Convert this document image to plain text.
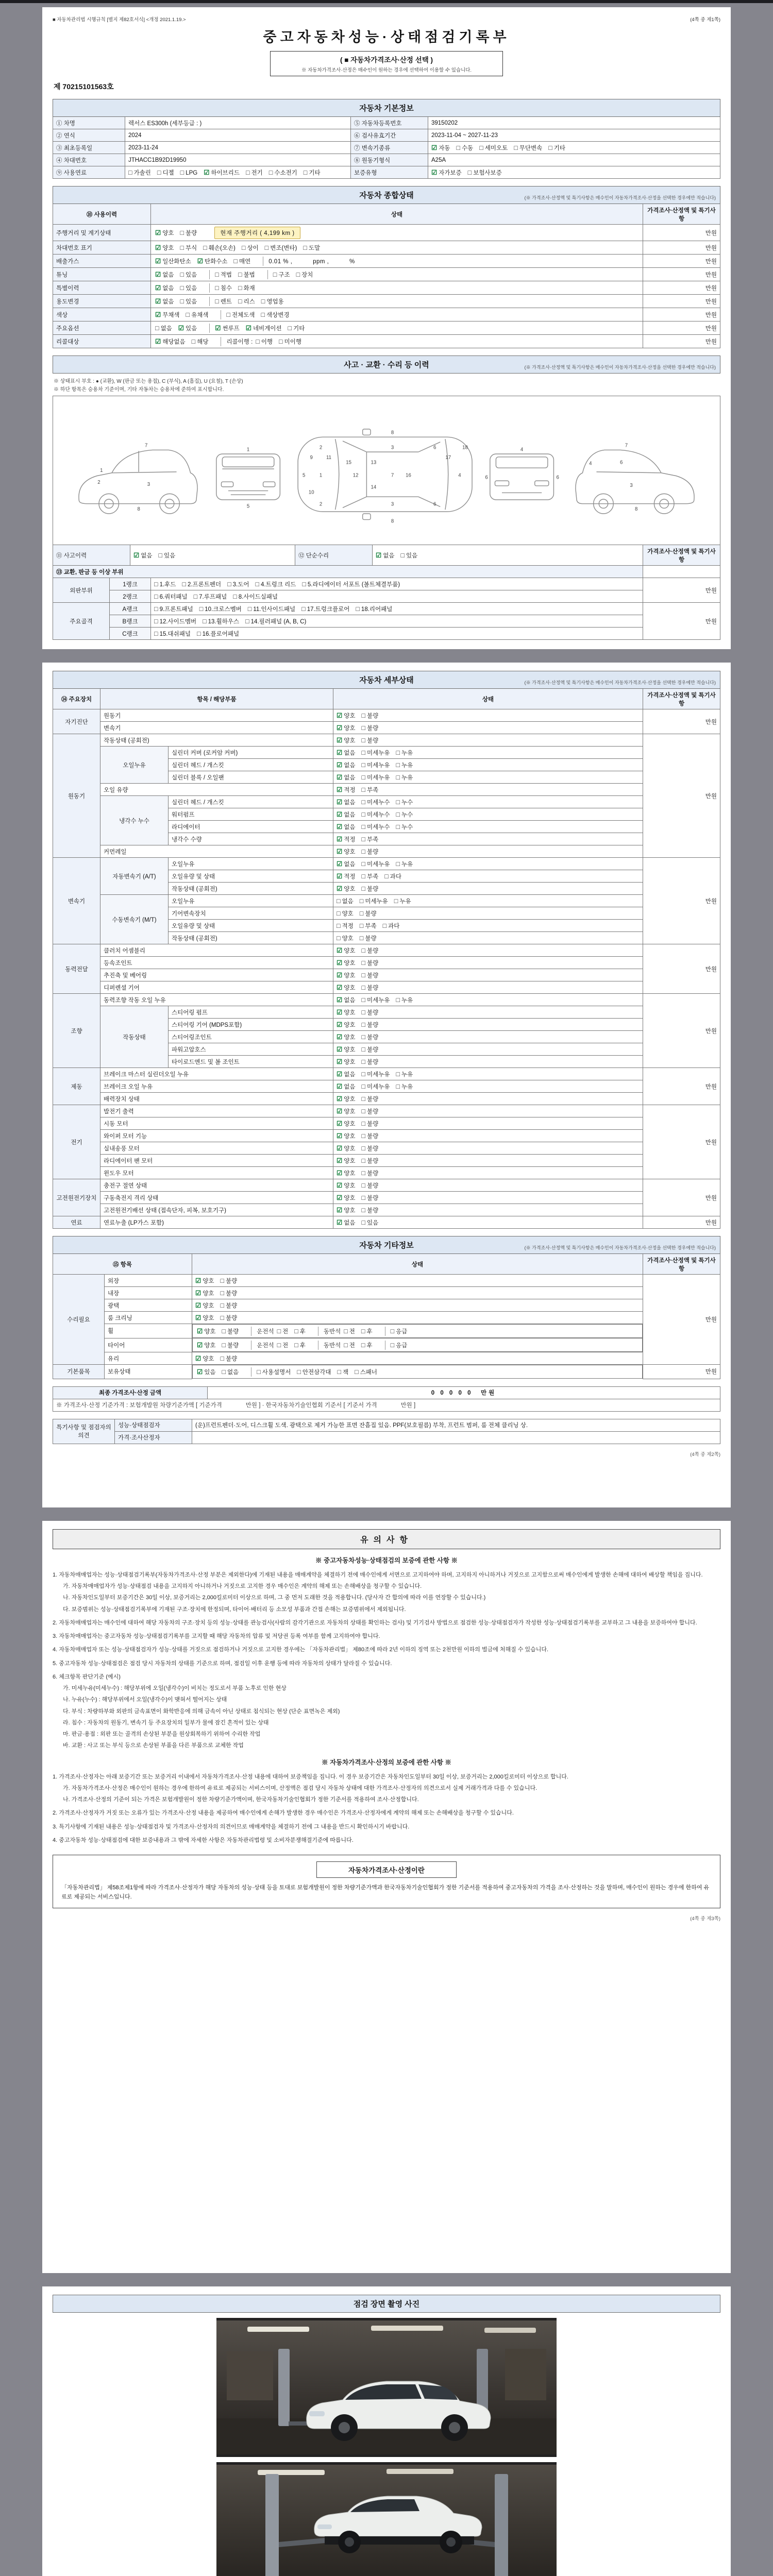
■ 자동차관리법 시행규칙 [별지 제82호서식] <개정 2021.1.19.>	(4쪽 중 제1쪽)
중고자동차성능·상태점검기록부
( ■ 자동차가격조사·산정 선택 )
※ 자동차가격조사·산정은 매수인이 원하는 경우에 선택하여 이용할 수 있습니다.
제 70215101563호
자동차 기본정보
① 차명	렉서스 ES300h (세부등급 : )	⑤ 자동차등록번호	39150202
② 연식	2024	⑥ 검사유효기간	2023-11-04 ~ 2027-11-23
③ 최초등록일	2023-11-24	⑦ 변속기종류	☑ 자동 □ 수동 □ 세미오토 □ 무단변속 □ 기타
④ 차대번호	JTHACC1B92D19950	⑧ 원동기형식	A25A
⑨ 사용연료	□ 가솔린 □ 디젤 □ LPG ☑ 하이브리드 □ 전기 □ 수소전기 □ 기타	보증유형	☑ 자가보증 □ 보험사보증
자동차 종합상태	(※ 가격조사·산정액 및 특기사항은 매수인이 자동차가격조사·산정을 선택한 경우에만 적습니다)
⑩ 사용이력	상태	가격조사·산정액 및 특기사항
주행거리 및 계기상태	☑ 양호 □ 불량 현재 주행거리 ( 4,199 km )	만원
차대번호 표기	☑ 양호 □ 부식 □ 훼손(오손) □ 상이 □ 변조(변타) □ 도말	만원
배출가스	☑ 일산화탄소 ☑ 탄화수소 □ 매연 0.01 % ,　　　 ppm ,　　　 %	만원
튜닝	☑ 없음 □ 있음 □ 적법 □ 불법 □ 구조 □ 장치	만원
특별이력	☑ 없음 □ 있음 □ 침수 □ 화재	만원
용도변경	☑ 없음 □ 있음 □ 렌트 □ 리스 □ 영업용	만원
색상	☑ 무채색 □ 유채색 □ 전체도색 □ 색상변경	만원
주요옵션	□ 없음 ☑ 있음 ☑ 썬루프 ☑ 네비게이션 □ 기타	만원
리콜대상	☑ 해당없음 □ 해당 리콜이행 : □ 이행 □ 미이행	만원
사고 · 교환 · 수리 등 이력	(※ 가격조사·산정액 및 특기사항은 매수인이 자동차가격조사·산정을 선택한 경우에만 적습니다)
※ 상태표시 부호 : ● (교환), W (판금 또는 용접), C (부식), A (흠집), U (요철), T (손상)
※ 하단 항목은 승용차 기준이며, 기타 자동차는 승용차에 준하여 표시합니다.
1
2	3
7
8
1
5
5	1
2
2
3
3
7
6
6
4
8
8
9
10
11
12
13
14
15
16
17
18	4
6	6
7
6
3
4
8
⑪ 사고이력	☑ 없음 □ 있음	⑫ 단순수리	☑ 없음 □ 있음
	가격조사·산정액 및 특기사항
⑬ 교환, 판금 등 이상 부위			
외판부위	1랭크	□ 1.후드 □ 2.프론트펜더 □ 3.도어 □ 4.트렁크 리드 □ 5.라디에이터 서포트 (볼트체결부품)	만원
	2랭크	□ 6.쿼터패널 □ 7.루프패널 □ 8.사이드실패널	

주요골격	A랭크	□ 9.프론트패널 □ 10.크로스멤버 □ 11.인사이드패널 □ 17.트렁크플로어 □ 18.리어패널	만원
	B랭크	□ 12.사이드멤버 □ 13.휠하우스 □ 14.필러패널 (A, B, C)	

	C랭크	□ 15.대쉬패널 □ 16.플로어패널	
자동차 세부상태	(※ 가격조사·산정액 및 특기사항은 매수인이 자동차가격조사·산정을 선택한 경우에만 적습니다)
⑭ 주요장치	항목 / 해당부품		상태	가격조사·산정액 및 특기사항
자기진단	원동기		☑ 양호 □ 불량	만원
	변속기		☑ 양호 □ 불량	
원동기	작동상태 (공회전)		☑ 양호 □ 불량	만원
	오일누유	실린더 커버 (로커암 커버)	☑ 없음 □ 미세누유 □ 누유	
		실린더 헤드 / 개스킷	☑ 없음 □ 미세누유 □ 누유	
		실린더 블록 / 오일팬	☑ 없음 □ 미세누유 □ 누유	
	오일 유량		☑ 적정 □ 부족	
	냉각수 누수	실린더 헤드 / 개스킷	☑ 없음 □ 미세누수 □ 누수	
		워터펌프	☑ 없음 □ 미세누수 □ 누수	
		라디에이터	☑ 없음 □ 미세누수 □ 누수	
		냉각수 수량	☑ 적정 □ 부족	
	커먼레일		☑ 양호 □ 불량	
변속기	자동변속기 (A/T)	오일누유	☑ 없음 □ 미세누유 □ 누유	만원
		오일유량 및 상태	☑ 적정 □ 부족 □ 과다	
		작동상태 (공회전)	☑ 양호 □ 불량	
	수동변속기 (M/T)	오일누유	□ 없음 □ 미세누유 □ 누유	
		기어변속장치	□ 양호 □ 불량	
		오일유량 및 상태	□ 적정 □ 부족 □ 과다	
		작동상태 (공회전)	□ 양호 □ 불량	
동력전달	클러치 어셈블리		☑ 양호 □ 불량	만원
	등속조인트		☑ 양호 □ 불량	
	추진축 및 베어링		☑ 양호 □ 불량	
	디퍼렌셜 기어		☑ 양호 □ 불량	
조향	동력조향 작동 오일 누유		☑ 없음 □ 미세누유 □ 누유	만원
	작동상태	스티어링 펌프	☑ 양호 □ 불량	
		스티어링 기어 (MDPS포함)	☑ 양호 □ 불량	
		스티어링조인트	☑ 양호 □ 불량	
		파워고압호스	☑ 양호 □ 불량	
		타이로드엔드 및 볼 조인트	☑ 양호 □ 불량	
제동	브레이크 마스터 실린더오일 누유		☑ 없음 □ 미세누유 □ 누유	만원
	브레이크 오일 누유		☑ 없음 □ 미세누유 □ 누유	
	배력장치 상태		☑ 양호 □ 불량	
전기	발전기 출력		☑ 양호 □ 불량	만원
	시동 모터		☑ 양호 □ 불량	
	와이퍼 모터 기능		☑ 양호 □ 불량	
	실내송풍 모터		☑ 양호 □ 불량	
	라디에이터 팬 모터		☑ 양호 □ 불량	
	윈도우 모터		☑ 양호 □ 불량	
고전원전기장치	충전구 절연 상태		☑ 양호 □ 불량	만원
	구동축전지 격리 상태		☑ 양호 □ 불량	
	고전원전기배선 상태 (접속단자, 피복, 보호기구)		☑ 양호 □ 불량	
연료	연료누출 (LP가스 포함)		☑ 없음 □ 있음	만원
자동차 기타정보	(※ 가격조사·산정액 및 특기사항은 매수인이 자동차가격조사·산정을 선택한 경우에만 적습니다)
⑮ 항목		상태	가격조사·산정액 및 특기사항
수리필요	외장	☑ 양호 □ 불량	만원
	내장	☑ 양호 □ 불량	
	광택	☑ 양호 □ 불량	
	룸 크리닝	☑ 양호 □ 불량	
	휠		☑ 양호 □ 불량	운전석 □ 전 □ 후	동반석 □ 전 □ 후	□ 응급

	타이어		☑ 양호 □ 불량	운전석 □ 전 □ 후	동반석 □ 전 □ 후	□ 응급

	유리	☑ 양호 □ 불량	
기본품목	보유상태		☑ 있음 □ 없음	□ 사용설명서 □ 안전삼각대 □ 잭 □ 스패너	만원
최종 가격조사·산정 금액	0 0 0 0 0　 만원
※ 가격조사·산정 기준가격 : 보험개발원 차량기준가액 [ 기준가격　　　　만원 ] · 한국자동차기술인협회 기준서 [ 기준서 가격　　　　만원 ]
특기사항 및 점검자의 의견	성능·상태점검자	(운)프런트펜더·도어, 디스크휠 도색. 광택으로 제거 가능한 표면 잔흠집 있음. PPF(보호필름) 부착, 프런트 범퍼, 룸 전체 클리닝 상.
	가격·조사산정자	
(4쪽 중 제2쪽)
유의사항
※ 중고자동차성능·상태점검의 보증에 관한 사항 ※
1. 자동차매매업자는 성능·상태점검기록부(자동차가격조사·산정 부분은 제외한다)에 기재된 내용을 매매계약을 체결하기 전에 매수인에게 서면으로 고지하여야 하며, 고지하지 아니하거나 거짓으로 고지함으로써 매수인에게 발생한 손해에 대하여 배상할 책임을 집니다.
가. 자동차매매업자가 성능·상태점검 내용을 고지하지 아니하거나 거짓으로 고지한 경우 매수인은 계약의 해제 또는 손해배상을 청구할 수 있습니다.
나. 자동차인도일부터 보증기간은 30일 이상, 보증거리는 2,000킬로미터 이상으로 하며, 그 중 먼저 도래한 것을 적용합니다. (당사자 간 합의에 따라 이를 연장할 수 있습니다.)
다. 보증범위는 성능·상태점검기록부에 기재된 구조·장치에 한정되며, 타이어·배터리 등 소모성 부품과 간접 손해는 보증범위에서 제외됩니다.
2. 자동차매매업자는 매수인에 대하여 해당 자동차의 구조·장치 등의 성능·상태를 관능검사(사람의 감각기관으로 자동차의 상태를 확인하는 검사) 및 기기검사 방법으로 점검한 성능·상태점검자가 작성한 성능·상태점검기록부를 교부하고 그 내용을 보증하여야 합니다.
3. 자동차매매업자는 중고자동차 성능·상태점검기록부를 고지할 때 해당 자동차의 압류 및 저당권 등록 여부를 함께 고지하여야 합니다.
4. 자동차매매업자 또는 성능·상태점검자가 성능·상태를 거짓으로 점검하거나 거짓으로 고지한 경우에는 「자동차관리법」 제80조에 따라 2년 이하의 징역 또는 2천만원 이하의 벌금에 처해질 수 있습니다.
5. 중고자동차 성능·상태점검은 점검 당시 자동차의 상태를 기준으로 하며, 점검일 이후 운행 등에 따라 자동차의 상태가 달라질 수 있습니다.
6. 체크항목 판단기준 (예시)
가. 미세누유(미세누수) : 해당부위에 오일(냉각수)이 비치는 정도로서 부품 노후로 인한 현상
나. 누유(누수) : 해당부위에서 오일(냉각수)이 맺혀서 떨어지는 상태
다. 부식 : 차량하부와 외판의 금속표면이 화학반응에 의해 금속이 아닌 상태로 침식되는 현상 (단순 표면녹은 제외)
라. 침수 : 자동차의 원동기, 변속기 등 주요장치의 일부가 물에 잠긴 흔적이 있는 상태
마. 판금·용접 : 외판 또는 골격의 손상된 부분을 원상회복하기 위하여 수리한 작업
바. 교환 : 사고 또는 부식 등으로 손상된 부품을 다른 부품으로 교체한 작업
※ 자동차가격조사·산정의 보증에 관한 사항 ※
1. 가격조사·산정자는 아래 보증기간 또는 보증거리 이내에서 자동차가격조사·산정 내용에 대하여 보증책임을 집니다. 이 경우 보증기간은 자동차인도일부터 30일 이상, 보증거리는 2,000킬로미터 이상으로 합니다.
가. 자동차가격조사·산정은 매수인이 원하는 경우에 한하여 유료로 제공되는 서비스이며, 산정액은 점검 당시 자동차 상태에 대한 가격조사·산정자의 의견으로서 실제 거래가격과 다를 수 있습니다.
나. 가격조사·산정의 기준이 되는 가격은 보험개발원이 정한 차량기준가액이며, 한국자동차기술인협회가 정한 기준서를 적용하여 조사·산정합니다.
2. 가격조사·산정자가 거짓 또는 오류가 있는 가격조사·산정 내용을 제공하여 매수인에게 손해가 발생한 경우 매수인은 가격조사·산정자에게 계약의 해제 또는 손해배상을 청구할 수 있습니다.
3. 특기사항에 기재된 내용은 성능·상태점검자 및 가격조사·산정자의 의견이므로 매매계약을 체결하기 전에 그 내용을 반드시 확인하시기 바랍니다.
4. 중고자동차 성능·상태점검에 대한 보증내용과 그 밖에 자세한 사항은 자동차관리법령 및 소비자분쟁해결기준에 따릅니다.
자동차가격조사·산정이란
「자동차관리법」 제58조제1항에 따라 가격조사·산정자가 해당 자동차의 성능·상태 등을 토대로 보험개발원이 정한 차량기준가액과 한국자동차기술인협회가 정한 기준서를 적용하여 중고자동차의 가격을 조사·산정하는 것을 말하며, 매수인이 원하는 경우에 한하여 유료로 제공되는 서비스입니다.
(4쪽 중 제3쪽)
점검 장면 촬영 사진
